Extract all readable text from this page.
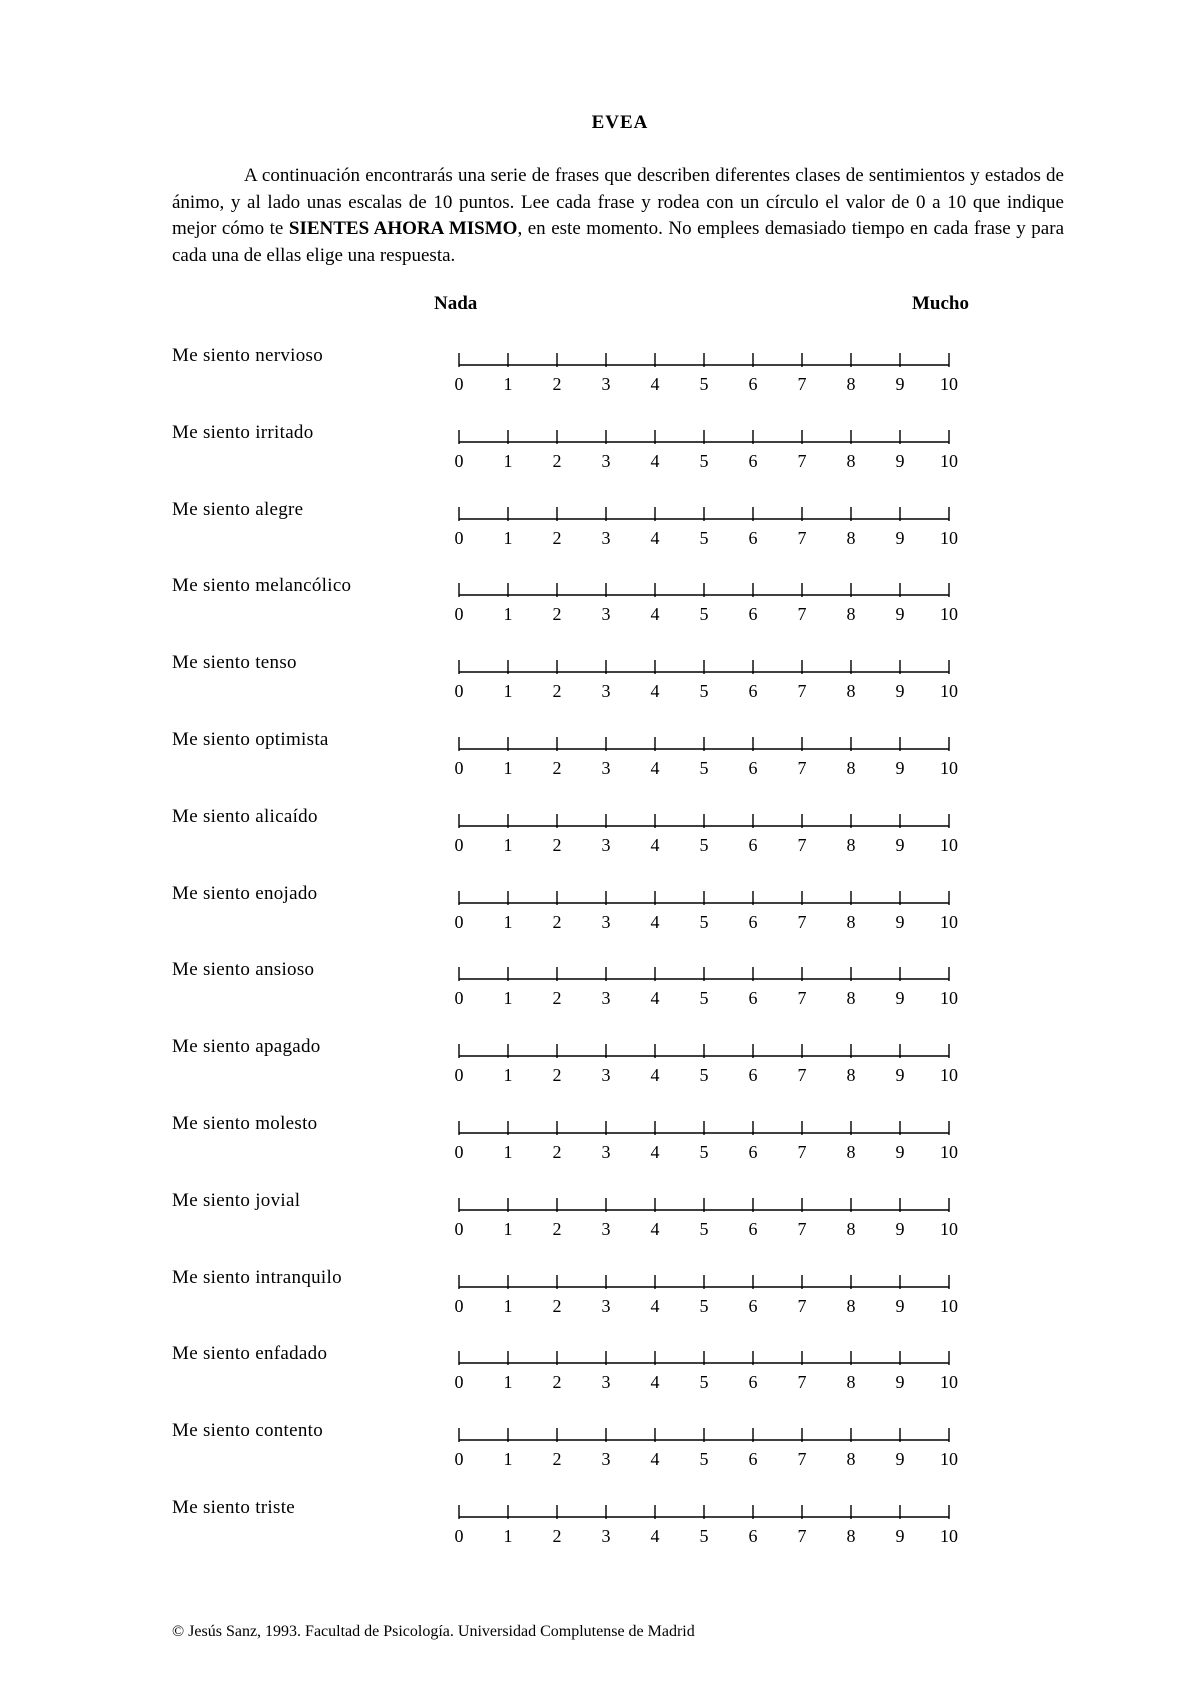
EVEA
A continuación encontrarás una serie de frases que describen diferentes clases de sentimientos y estados de ánimo, y al lado unas escalas de 10 puntos. Lee cada frase y rodea con un círculo el valor de 0 a 10 que indique mejor cómo te SIENTES AHORA MISMO, en este momento. No emplees demasiado tiempo en cada frase y para cada una de ellas elige una respuesta.
Nada	Mucho
Me siento nervioso
0	1	2	3	4	5	6	7	8	9	10
Me siento irritado
0	1	2	3	4	5	6	7	8	9	10
Me siento alegre
0	1	2	3	4	5	6	7	8	9	10
Me siento melancólico
0	1	2	3	4	5	6	7	8	9	10
Me siento tenso
0	1	2	3	4	5	6	7	8	9	10
Me siento optimista
0	1	2	3	4	5	6	7	8	9	10
Me siento alicaído
0	1	2	3	4	5	6	7	8	9	10
Me siento enojado
0	1	2	3	4	5	6	7	8	9	10
Me siento ansioso
0	1	2	3	4	5	6	7	8	9	10
Me siento apagado
0	1	2	3	4	5	6	7	8	9	10
Me siento molesto
0	1	2	3	4	5	6	7	8	9	10
Me siento jovial
0	1	2	3	4	5	6	7	8	9	10
Me siento intranquilo
0	1	2	3	4	5	6	7	8	9	10
Me siento enfadado
0	1	2	3	4	5	6	7	8	9	10
Me siento contento
0	1	2	3	4	5	6	7	8	9	10
Me siento triste
0	1	2	3	4	5	6	7	8	9	10
© Jesús Sanz, 1993. Facultad de Psicología. Universidad Complutense de Madrid
